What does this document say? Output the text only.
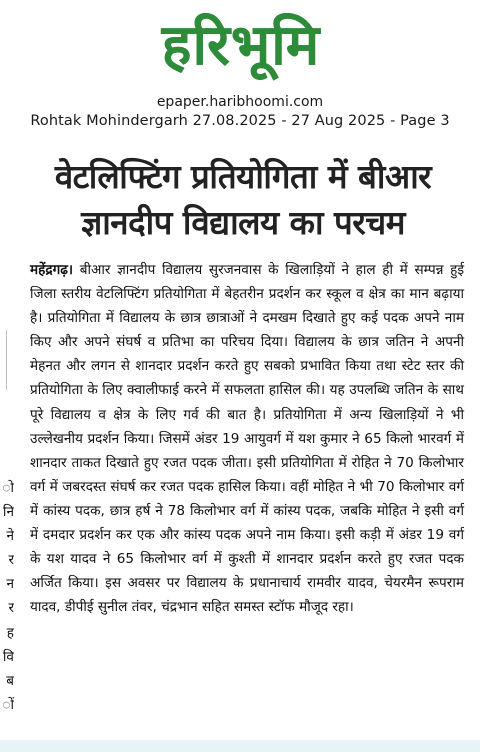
हरिभूमि
epaper.haribhoomi.com
Rohtak Mohindergarh 27.08.2025 - 27 Aug 2025 - Page 3
वेटलिफ्टिंग प्रतियोगिता में बीआर
ज्ञानदीप विद्यालय का परचम
महेंद्रगढ़। बीआर ज्ञानदीप विद्यालय सुरजनवास के खिलाड़ियों ने हाल ही में सम्पन्न हुई जिला स्तरीय वेटलिफ्टिंग प्रतियोगिता में बेहतरीन प्रदर्शन कर स्कूल व क्षेत्र का मान बढ़ाया है। प्रतियोगिता में विद्यालय के छात्र छात्राओं ने दमखम दिखाते हुए कई पदक अपने नाम किए और अपने संघर्ष व प्रतिभा का परिचय दिया। विद्यालय के छात्र जतिन ने अपनी मेहनत और लगन से शानदार प्रदर्शन करते हुए सबको प्रभावित किया तथा स्टेट स्तर की प्रतियोगिता के लिए क्वालीफाई करने में सफलता हासिल की। यह उपलब्धि जतिन के साथ पूरे विद्यालय व क्षेत्र के लिए गर्व की बात है। प्रतियोगिता में अन्य खिलाड़ियों ने भी उल्लेखनीय प्रदर्शन किया। जिसमें अंडर 19 आयुवर्ग में यश कुमार ने 65 किलो भारवर्ग में शानदार ताकत दिखाते हुए रजत पदक जीता। इसी प्रतियोगिता में रोहित ने 70 किलोभार वर्ग में जबरदस्त संघर्ष कर रजत पदक हासिल किया। वहीं मोहित ने भी 70 किलोभार वर्ग में कांस्य पदक, छात्र हर्ष ने 78 किलोभार वर्ग में कांस्य पदक, जबकि मोहित ने इसी वर्ग में दमदार प्रदर्शन कर एक और कांस्य पदक अपने नाम किया। इसी कड़ी में अंडर 19 वर्ग के यश यादव ने 65 किलोभार वर्ग में कुश्ती में शानदार प्रदर्शन करते हुए रजत पदक अर्जित किया। इस अवसर पर विद्यालय के प्रधानाचार्य रामवीर यादव, चेयरमैन रूपराम यादव, डीपीई सुनील तंवर, चंद्रभान सहित समस्त स्टॉफ मौजूद रहा।
ो
नि
ने
र
न
र
ह
वि
ब
ों
